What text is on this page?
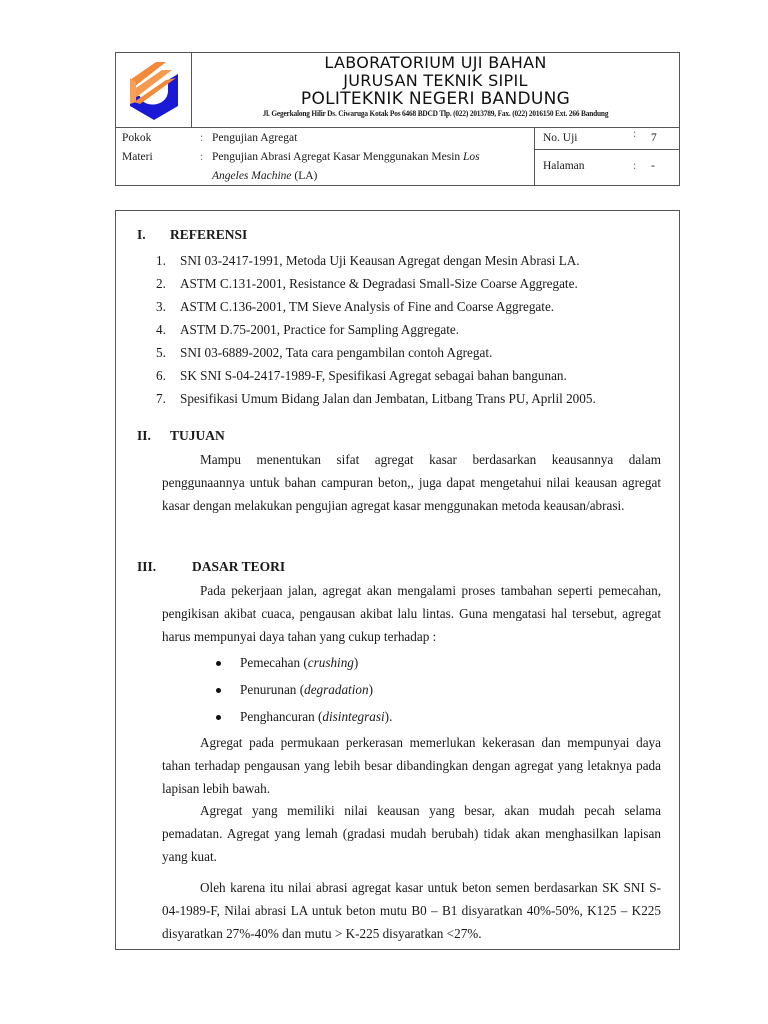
LABORATORIUM UJI BAHAN
JURUSAN TEKNIK SIPIL
POLITEKNIK NEGERI BANDUNG
Jl. Gegerkalong Hilir Ds. Ciwaruga Kotak Pos 6468 BDCD Tlp. (022) 2013789, Fax. (022) 2016150 Ext. 266 Bandung
Pokok	: Pengujian Agregat
Materi	: Pengujian Abrasi Agregat Kasar Menggunakan Mesin Los
Angeles Machine (LA)
No. Uji	: 7
Halaman	: -
I. REFERENSI
1.	SNI 03-2417-1991, Metoda Uji Keausan Agregat dengan Mesin Abrasi LA.
2.	ASTM C.131-2001, Resistance & Degradasi Small-Size Coarse Aggregate.
3.	ASTM C.136-2001, TM Sieve Analysis of Fine and Coarse Aggregate.
4.	ASTM D.75-2001, Practice for Sampling Aggregate.
5.	SNI 03-6889-2002, Tata cara pengambilan contoh Agregat.
6.	SK SNI S-04-2417-1989-F, Spesifikasi Agregat sebagai bahan bangunan.
7.	Spesifikasi Umum Bidang Jalan dan Jembatan, Litbang Trans PU, Aprlil 2005.
II. TUJUAN

Mampu menentukan sifat agregat kasar berdasarkan keausannya dalam penggunaannya untuk bahan campuran beton,, juga dapat mengetahui nilai keausan agregat kasar dengan melakukan pengujian agregat kasar menggunakan metoda keausan/abrasi.

III.	DASAR TEORI

Pada pekerjaan jalan, agregat akan mengalami proses tambahan seperti pemecahan, pengikisan akibat cuaca, pengausan akibat lalu lintas. Guna mengatasi hal tersebut, agregat harus mempunyai daya tahan yang cukup terhadap :

Pemecahan (crushing)
Penurunan (degradation)
Penghancuran (disintegrasi).

Agregat pada permukaan perkerasan memerlukan kekerasan dan mempunyai daya tahan terhadap pengausan yang lebih besar dibandingkan dengan agregat yang letaknya pada lapisan lebih bawah.

Agregat yang memiliki nilai keausan yang besar, akan mudah pecah selama pemadatan. Agregat yang lemah (gradasi mudah berubah) tidak akan menghasilkan lapisan yang kuat.

Oleh karena itu nilai abrasi agregat kasar untuk beton semen berdasarkan SK SNI S-04-1989-F, Nilai abrasi LA untuk beton mutu B0 – B1 disyaratkan 40%-50%, K125 – K225 disyaratkan 27%-40% dan mutu > K-225 disyaratkan <27%.
